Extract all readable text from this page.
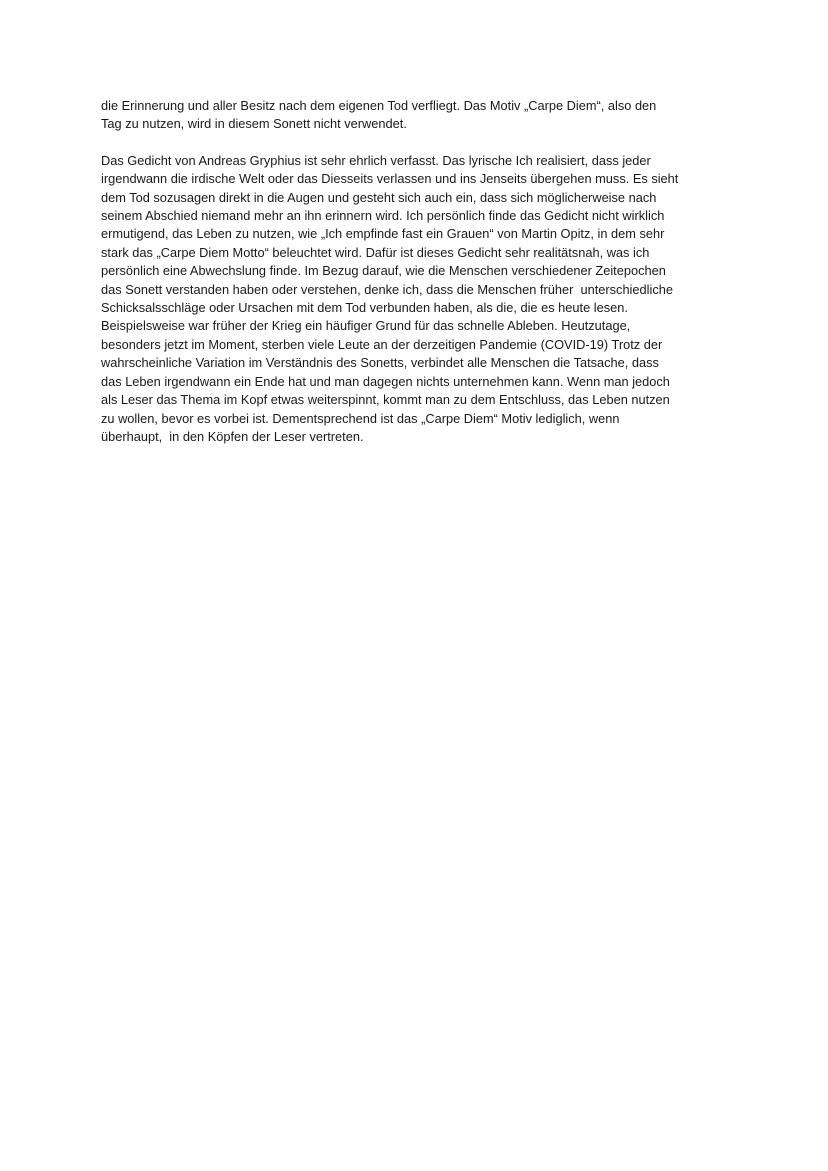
die Erinnerung und aller Besitz nach dem eigenen Tod verfliegt. Das Motiv „Carpe Diem“, also den
Tag zu nutzen, wird in diesem Sonett nicht verwendet.

Das Gedicht von Andreas Gryphius ist sehr ehrlich verfasst. Das lyrische Ich realisiert, dass jeder
irgendwann die irdische Welt oder das Diesseits verlassen und ins Jenseits übergehen muss. Es sieht
dem Tod sozusagen direkt in die Augen und gesteht sich auch ein, dass sich möglicherweise nach
seinem Abschied niemand mehr an ihn erinnern wird. Ich persönlich finde das Gedicht nicht wirklich
ermutigend, das Leben zu nutzen, wie „Ich empfinde fast ein Grauen“ von Martin Opitz, in dem sehr
stark das „Carpe Diem Motto“ beleuchtet wird. Dafür ist dieses Gedicht sehr realitätsnah, was ich
persönlich eine Abwechslung finde. Im Bezug darauf, wie die Menschen verschiedener Zeitepochen
das Sonett verstanden haben oder verstehen, denke ich, dass die Menschen früher  unterschiedliche
Schicksalsschläge oder Ursachen mit dem Tod verbunden haben, als die, die es heute lesen.
Beispielsweise war früher der Krieg ein häufiger Grund für das schnelle Ableben. Heutzutage,
besonders jetzt im Moment, sterben viele Leute an der derzeitigen Pandemie (COVID-19) Trotz der
wahrscheinliche Variation im Verständnis des Sonetts, verbindet alle Menschen die Tatsache, dass
das Leben irgendwann ein Ende hat und man dagegen nichts unternehmen kann. Wenn man jedoch
als Leser das Thema im Kopf etwas weiterspinnt, kommt man zu dem Entschluss, das Leben nutzen
zu wollen, bevor es vorbei ist. Dementsprechend ist das „Carpe Diem“ Motiv lediglich, wenn
überhaupt,  in den Köpfen der Leser vertreten.
